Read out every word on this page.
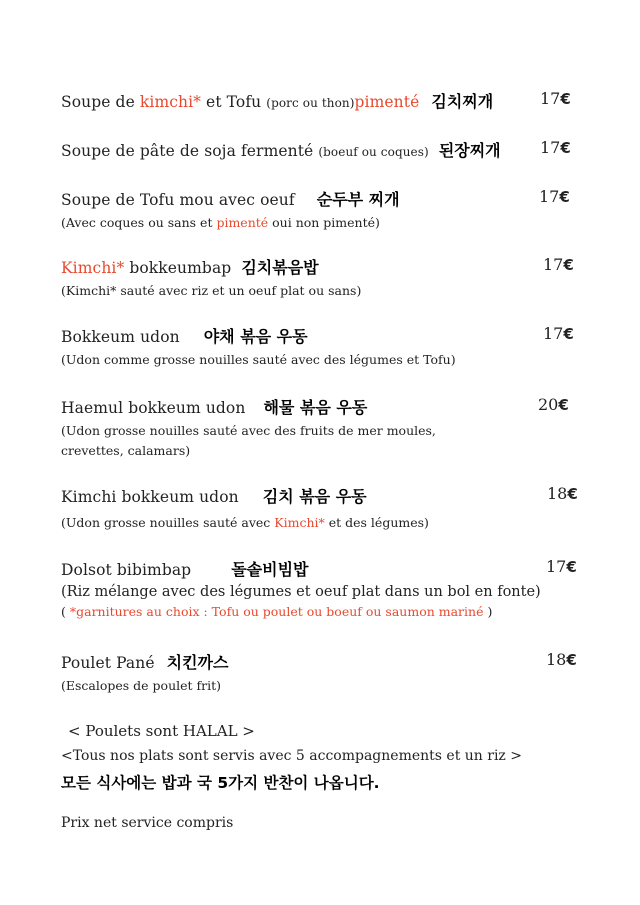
Soupe de kimchi* et Tofu (porc ou thon)pimenté 김치찌개	17€
Soupe de pâte de soja fermenté (boeuf ou coques) 된장찌개 17€
Soupe de Tofu mou avec oeuf 순두부 찌개	17€
(Avec coques ou sans et pimenté oui non pimenté)
Kimchi* bokkeumbap 김치볶음밥	17€
(Kimchi* sauté avec riz et un oeuf plat ou sans)
Bokkeum udon 야채 볶음 우동	17€
(Udon comme grosse nouilles sauté avec des légumes et Tofu)
Haemul bokkeum udon 해물 볶음 우동	20€
(Udon grosse nouilles sauté avec des fruits de mer moules,
crevettes, calamars)
Kimchi bokkeum udon 김치 볶음 우동	18€
(Udon grosse nouilles sauté avec Kimchi* et des légumes)
Dolsot bibimbap	돌솥비빔밥	17€
(Riz mélange avec des légumes et oeuf plat dans un bol en fonte)
( *garnitures au choix : Tofu ou poulet ou boeuf ou saumon mariné )
Poulet Pané 치킨까스	18€
(Escalopes de poulet frit)
< Poulets sont HALAL >
<Tous nos plats sont servis avec 5 accompagnements et un riz >
모든 식사에는 밥과 국 5가지 반찬이 나옵니다.
Prix net service compris
